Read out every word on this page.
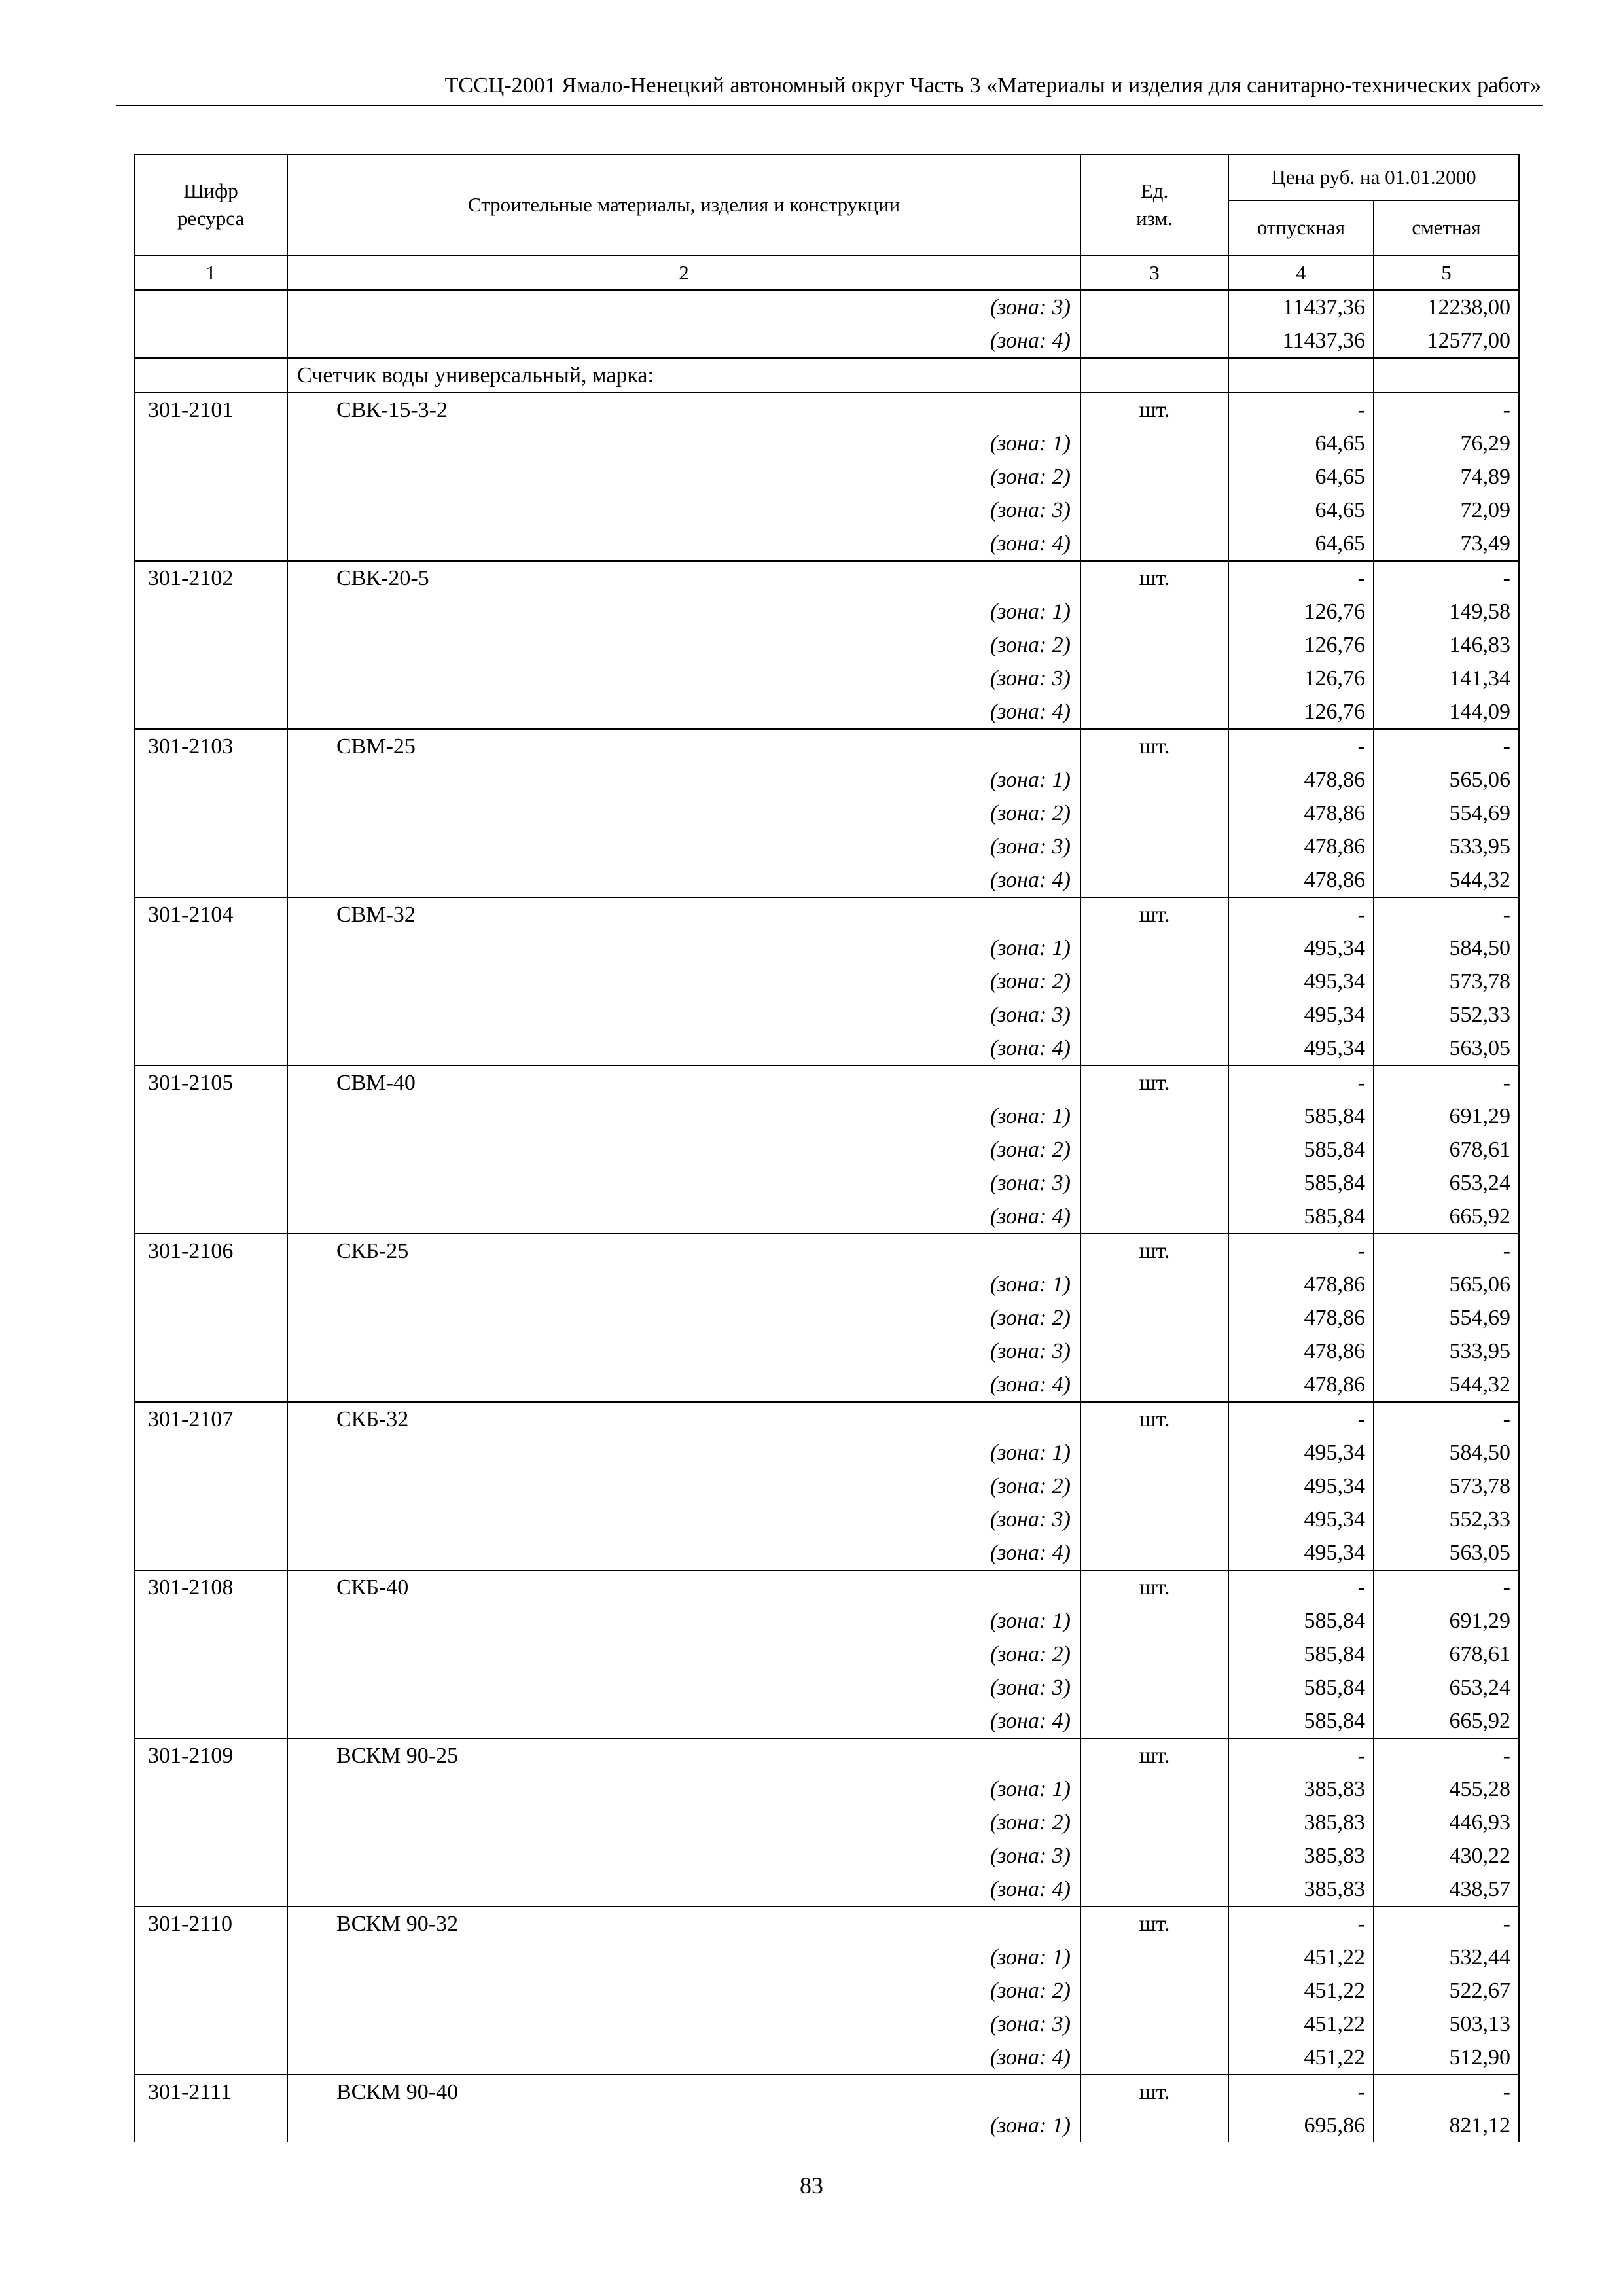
ТССЦ-2001 Ямало-Ненецкий автономный округ Часть 3 «Материалы и изделия для санитарно-технических работ»
Шифр ресурса	Строительные материалы, изделия и конструкции	Ед. изм.	Цена руб. на 01.01.2000	
			отпускная	сметная
1	2	3	4	5
	(зона: 3)		11437,36	12238,00
	(зона: 4)		11437,36	12577,00
	Счетчик воды универсальный, марка:			
301-2101	СВК-15-3-2	шт.	-	-
	(зона: 1)		64,65	76,29
	(зона: 2)		64,65	74,89
	(зона: 3)		64,65	72,09
	(зона: 4)		64,65	73,49
301-2102	СВК-20-5	шт.	-	-
	(зона: 1)		126,76	149,58
	(зона: 2)		126,76	146,83
	(зона: 3)		126,76	141,34
	(зона: 4)		126,76	144,09
301-2103	СВМ-25	шт.	-	-
	(зона: 1)		478,86	565,06
	(зона: 2)		478,86	554,69
	(зона: 3)		478,86	533,95
	(зона: 4)		478,86	544,32
301-2104	СВМ-32	шт.	-	-
	(зона: 1)		495,34	584,50
	(зона: 2)		495,34	573,78
	(зона: 3)		495,34	552,33
	(зона: 4)		495,34	563,05
301-2105	СВМ-40	шт.	-	-
	(зона: 1)		585,84	691,29
	(зона: 2)		585,84	678,61
	(зона: 3)		585,84	653,24
	(зона: 4)		585,84	665,92
301-2106	СКБ-25	шт.	-	-
	(зона: 1)		478,86	565,06
	(зона: 2)		478,86	554,69
	(зона: 3)		478,86	533,95
	(зона: 4)		478,86	544,32
301-2107	СКБ-32	шт.	-	-
	(зона: 1)		495,34	584,50
	(зона: 2)		495,34	573,78
	(зона: 3)		495,34	552,33
	(зона: 4)		495,34	563,05
301-2108	СКБ-40	шт.	-	-
	(зона: 1)		585,84	691,29
	(зона: 2)		585,84	678,61
	(зона: 3)		585,84	653,24
	(зона: 4)		585,84	665,92
301-2109	ВСКМ 90-25	шт.	-	-
	(зона: 1)		385,83	455,28
	(зона: 2)		385,83	446,93
	(зона: 3)		385,83	430,22
	(зона: 4)		385,83	438,57
301-2110	ВСКМ 90-32	шт.	-	-
	(зона: 1)		451,22	532,44
	(зона: 2)		451,22	522,67
	(зона: 3)		451,22	503,13
	(зона: 4)		451,22	512,90
301-2111	ВСКМ 90-40	шт.	-	-
	(зона: 1)		695,86	821,12
83
